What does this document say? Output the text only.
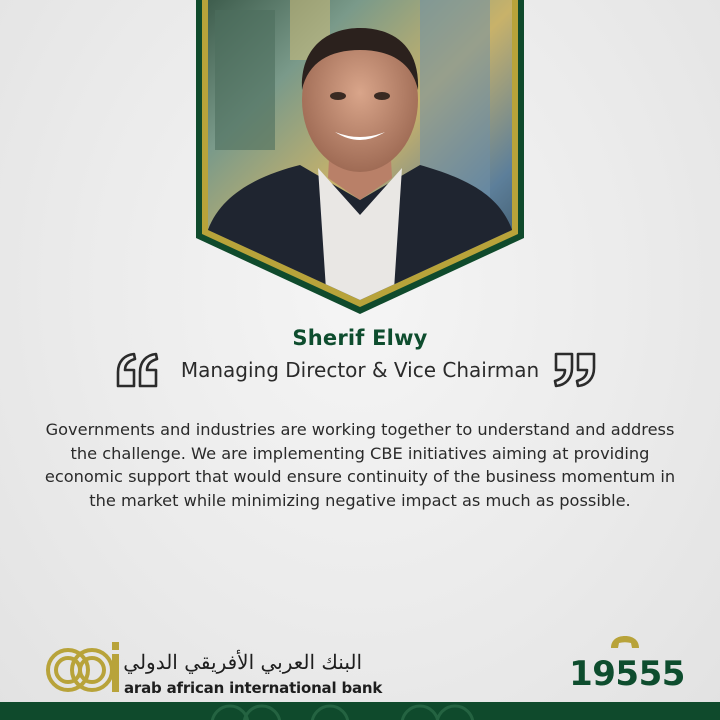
Sherif Elwy
Managing Director & Vice Chairman

Governments and industries are working together to understand and address the challenge. We are implementing CBE initiatives aiming at providing economic support that would ensure continuity of the business momentum in the market while minimizing negative impact as much as possible.

البنك العربي الأفريقي الدولي
arab african international bank	19555
